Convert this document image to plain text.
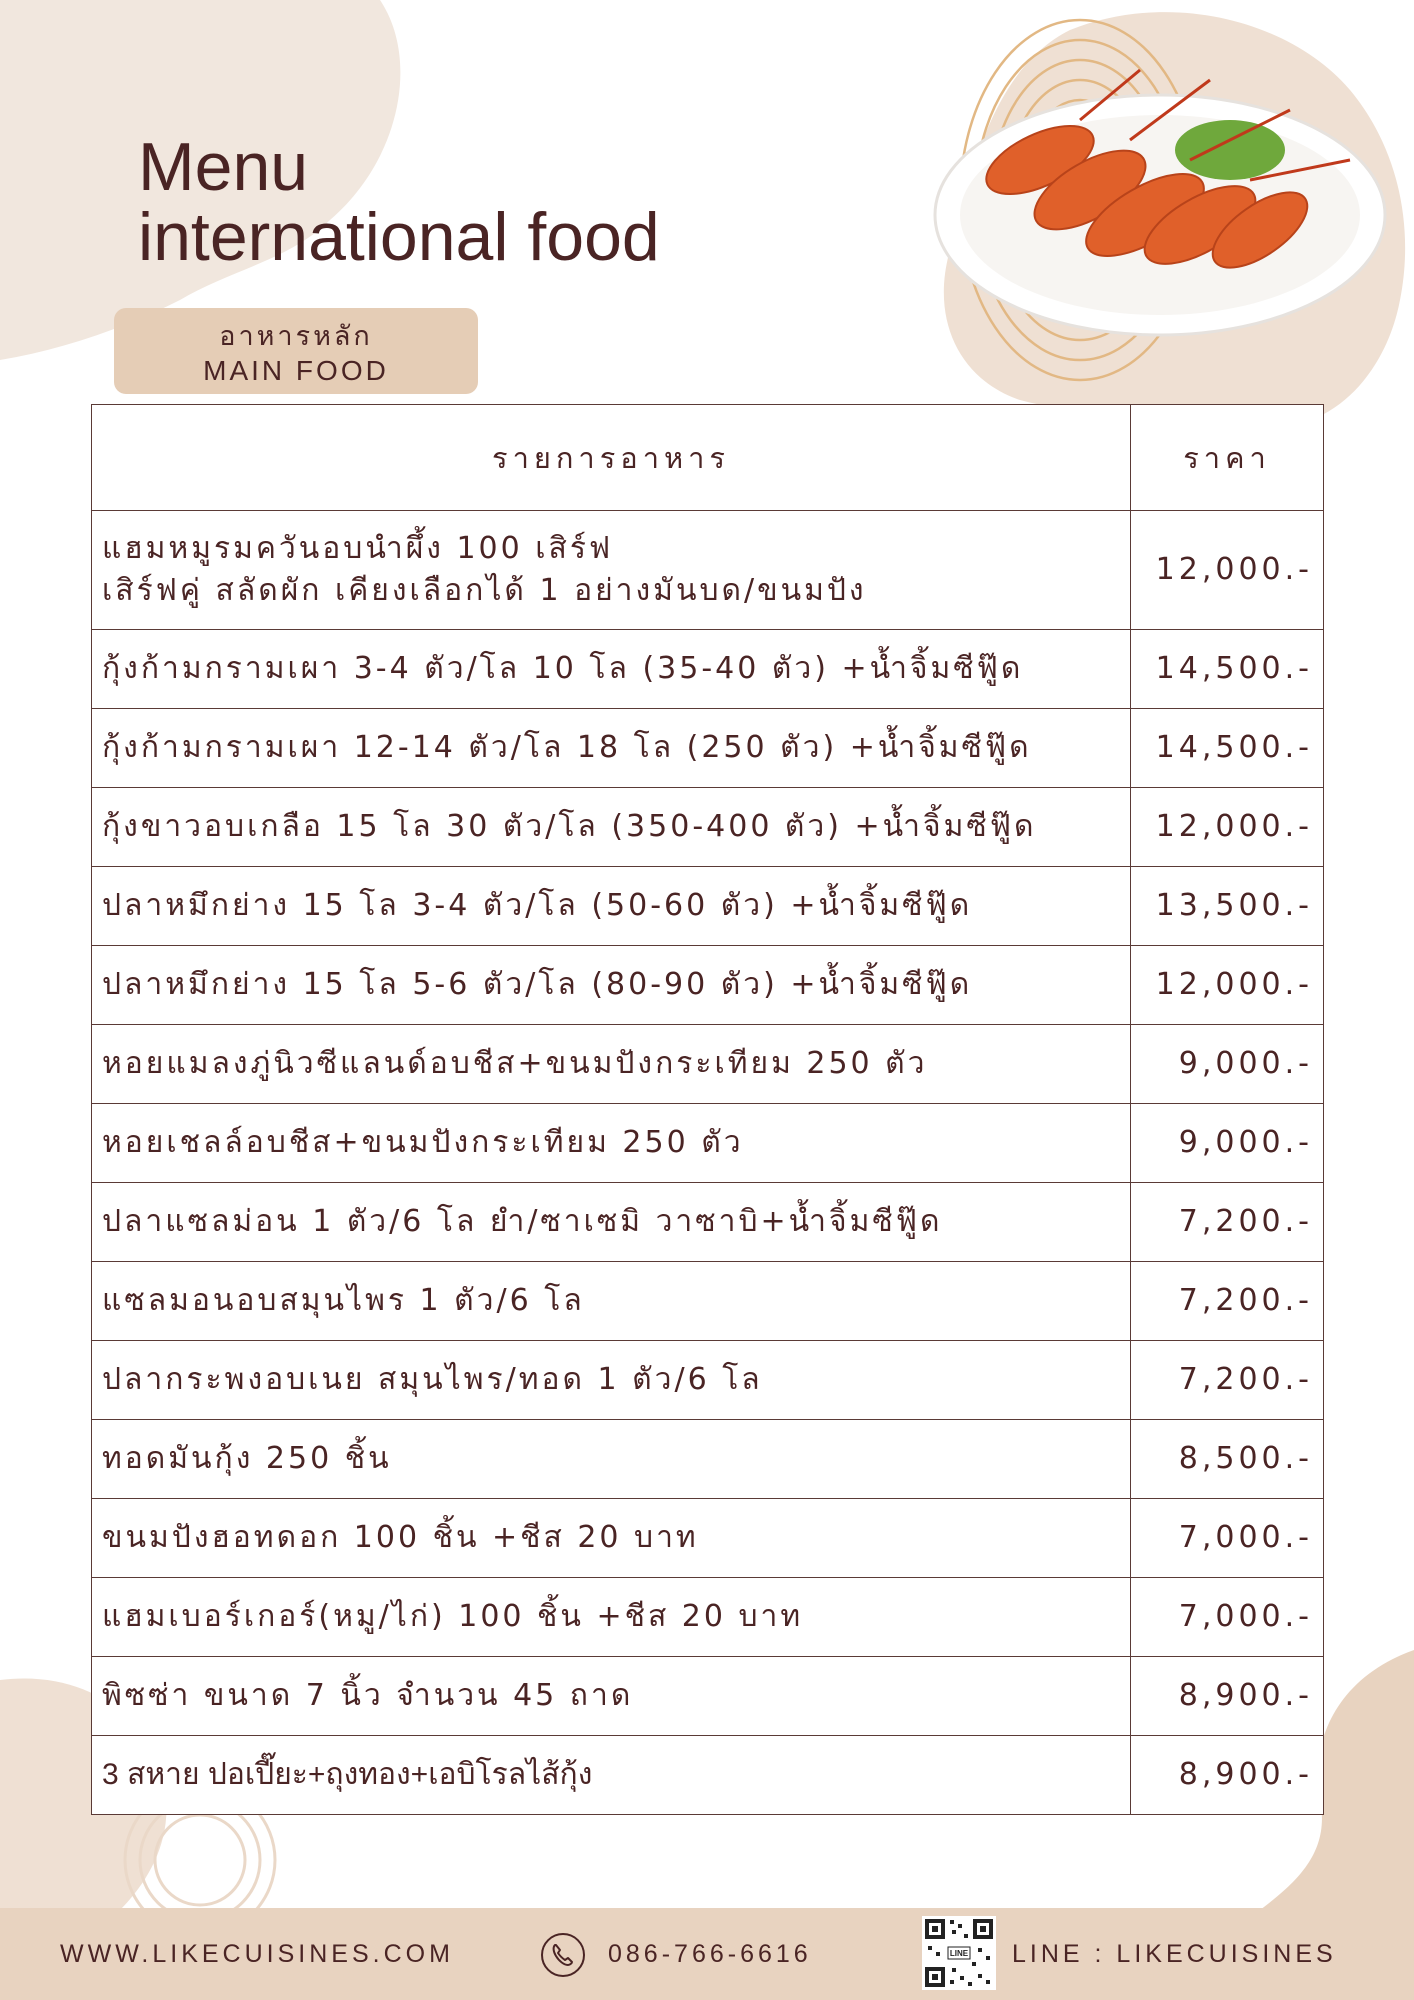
Menu
international food
อาหารหลัก
MAIN FOOD
รายการอาหาร	ราคา

แฮมหมูรมควันอบนำผึ้ง 100 เสิร์ฟ
เสิร์ฟคู่ สลัดผัก เคียงเลือกได้ 1 อย่างมันบด/ขนมปัง	12,000.-
กุ้งก้ามกรามเผา 3-4 ตัว/โล 10 โล (35-40 ตัว) +น้ำจิ้มซีฟู๊ด	14,500.-
กุ้งก้ามกรามเผา 12-14 ตัว/โล 18 โล (250 ตัว) +น้ำจิ้มซีฟู๊ด	14,500.-
กุ้งขาวอบเกลือ 15 โล 30 ตัว/โล (350-400 ตัว) +น้ำจิ้มซีฟู๊ด	12,000.-
ปลาหมึกย่าง 15 โล 3-4 ตัว/โล (50-60 ตัว) +น้ำจิ้มซีฟู๊ด	13,500.-
ปลาหมึกย่าง 15 โล 5-6 ตัว/โล (80-90 ตัว) +น้ำจิ้มซีฟู๊ด	12,000.-
หอยแมลงภู่นิวซีแลนด์อบชีส+ขนมปังกระเทียม 250 ตัว	9,000.-
หอยเชลล์อบชีส+ขนมปังกระเทียม 250 ตัว	9,000.-
ปลาแซลม่อน 1 ตัว/6 โล ยำ/ซาเซมิ วาซาบิ+น้ำจิ้มซีฟู๊ด	7,200.-
แซลมอนอบสมุนไพร 1 ตัว/6 โล	7,200.-
ปลากระพงอบเนย สมุนไพร/ทอด 1 ตัว/6 โล	7,200.-
ทอดมันกุ้ง 250 ชิ้น	8,500.-
ขนมปังฮอทดอก 100 ชิ้น +ชีส 20 บาท	7,000.-
แฮมเบอร์เกอร์(หมู/ไก่) 100 ชิ้น +ชีส 20 บาท	7,000.-
พิซซ่า ขนาด 7 นิ้ว จำนวน 45 ถาด	8,900.-
3 สหาย ปอเปี๊ยะ+ถุงทอง+เอบิโรลไส้กุ้ง	8,900.-
WWW.LIKECUISINES.COM	086-766-6616	LINE LINE : LIKECUISINES
